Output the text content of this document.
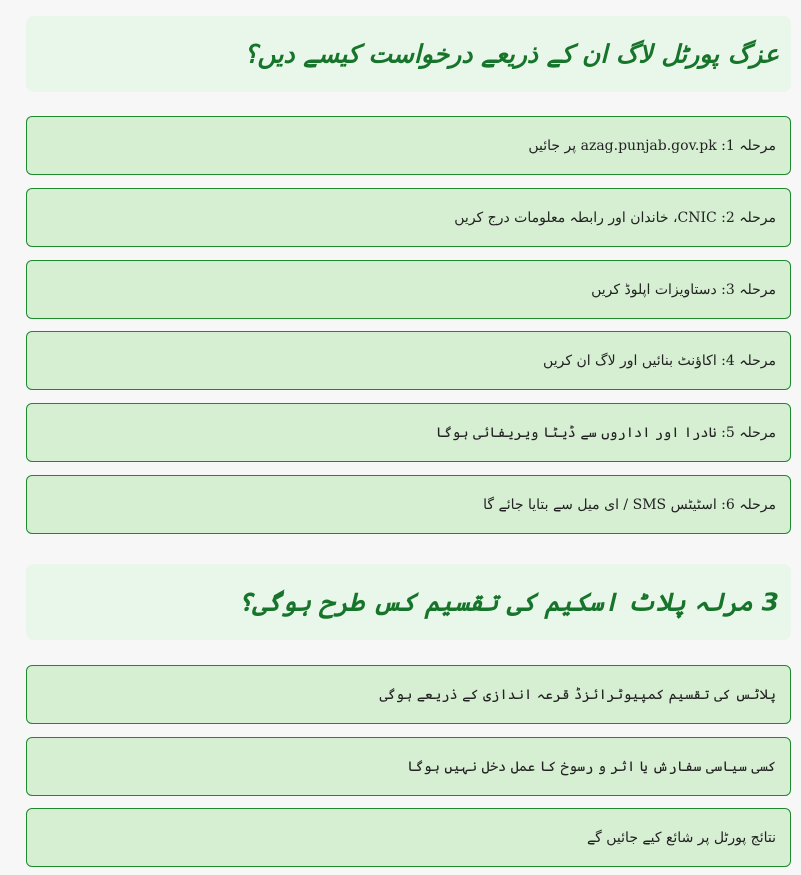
عزگ پورٹل لاگ ان کے ذریعے درخواست کیسے دیں؟
مرحلہ 1: azag.punjab.gov.pk پر جائیں
مرحلہ 2: CNIC، خاندان اور رابطہ معلومات درج کریں
مرحلہ 3: دستاویزات اپلوڈ کریں
مرحلہ 4: اکاؤنٹ بنائیں اور لاگ ان کریں
مرحلہ 5: نادرا اور اداروں سے ڈیٹا ویریفائی ہوگا
مرحلہ 6: اسٹیٹس SMS / ای میل سے بتایا جائے گا
3 مرلہ پلاٹ اسکیم کی تقسیم کس طرح ہوگی؟
پلاٹس کی تقسیم کمپیوٹرائزڈ قرعہ اندازی کے ذریعے ہوگی
کسی سیاسی سفارش یا اثر و رسوخ کا عمل دخل نہیں ہوگا
نتائج پورٹل پر شائع کیے جائیں گے
